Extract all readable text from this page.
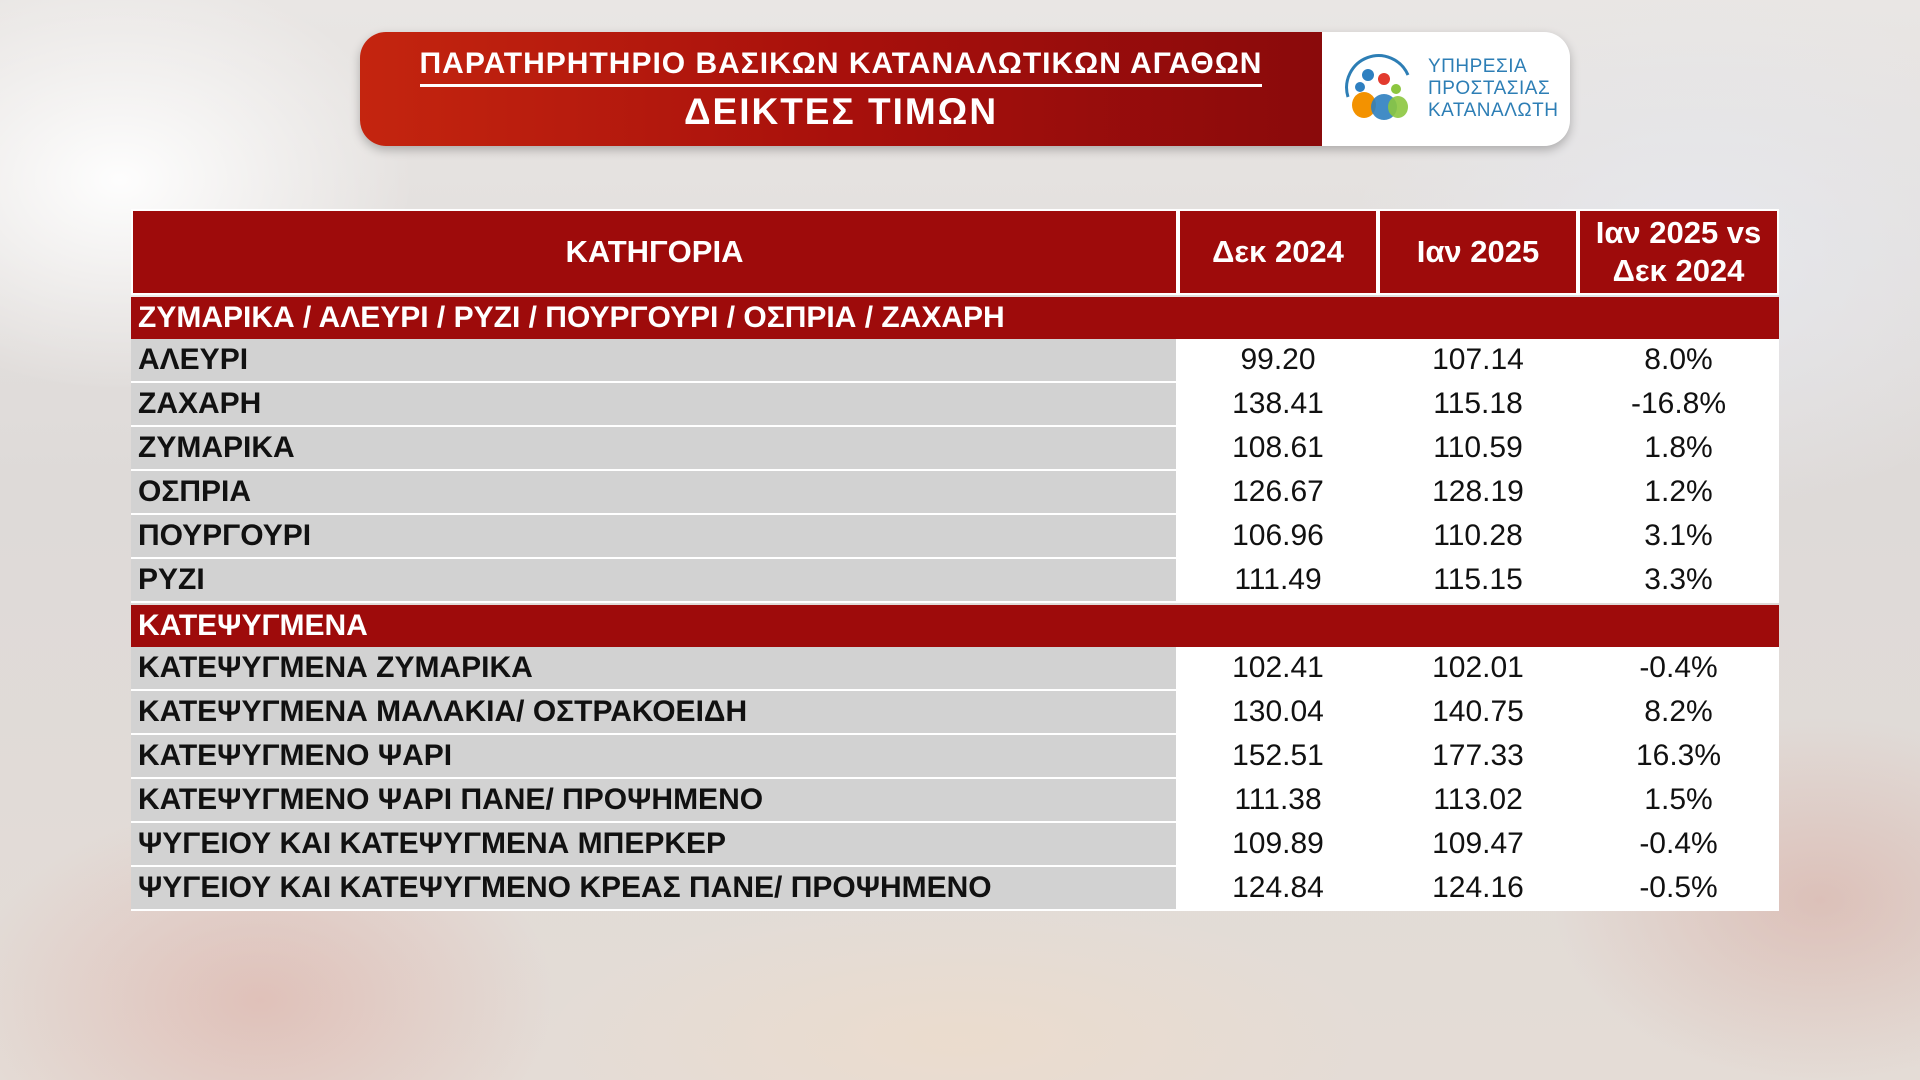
ΠΑΡΑΤΗΡΗΤΗΡΙΟ ΒΑΣΙΚΩΝ ΚΑΤΑΝΑΛΩΤΙΚΩΝ ΑΓΑΘΩΝ
ΔΕΙΚΤΕΣ ΤΙΜΩΝ
ΥΠΗΡΕΣΙΑ
ΠΡΟΣΤΑΣΙΑΣ
ΚΑΤΑΝΑΛΩΤΗ
ΚΑΤΗΓΟΡΙΑ	Δεκ 2024	Ιαν 2025
Ιαν 2025 vs
Δεκ 2024
ΖΥΜΑΡΙΚΑ / ΑΛΕΥΡΙ / ΡΥΖΙ / ΠΟΥΡΓΟΥΡΙ / ΟΣΠΡΙΑ / ΖΑΧΑΡΗ
ΑΛΕΥΡΙ	99.20	107.14	8.0%
ΖΑΧΑΡΗ	138.41	115.18	-16.8%
ΖΥΜΑΡΙΚΑ	108.61	110.59	1.8%
ΟΣΠΡΙΑ	126.67	128.19	1.2%
ΠΟΥΡΓΟΥΡΙ	106.96	110.28	3.1%
ΡΥΖΙ	111.49	115.15	3.3%
ΚΑΤΕΨΥΓΜΕΝΑ
ΚΑΤΕΨΥΓΜΕΝΑ ΖΥΜΑΡΙΚΑ	102.41	102.01	-0.4%
ΚΑΤΕΨΥΓΜΕΝΑ ΜΑΛΑΚΙΑ/ ΟΣΤΡΑΚΟΕΙΔΗ	130.04	140.75	8.2%
ΚΑΤΕΨΥΓΜΕΝΟ ΨΑΡΙ	152.51	177.33	16.3%
ΚΑΤΕΨΥΓΜΕΝΟ ΨΑΡΙ ΠΑΝΕ/ ΠΡΟΨΗΜΕΝΟ	111.38	113.02	1.5%
ΨΥΓΕΙΟΥ ΚΑΙ ΚΑΤΕΨΥΓΜΕΝΑ ΜΠΕΡΚΕΡ	109.89	109.47	-0.4%
ΨΥΓΕΙΟΥ ΚΑΙ ΚΑΤΕΨΥΓΜΕΝΟ ΚΡΕΑΣ ΠΑΝΕ/ ΠΡΟΨΗΜΕΝΟ	124.84	124.16	-0.5%
